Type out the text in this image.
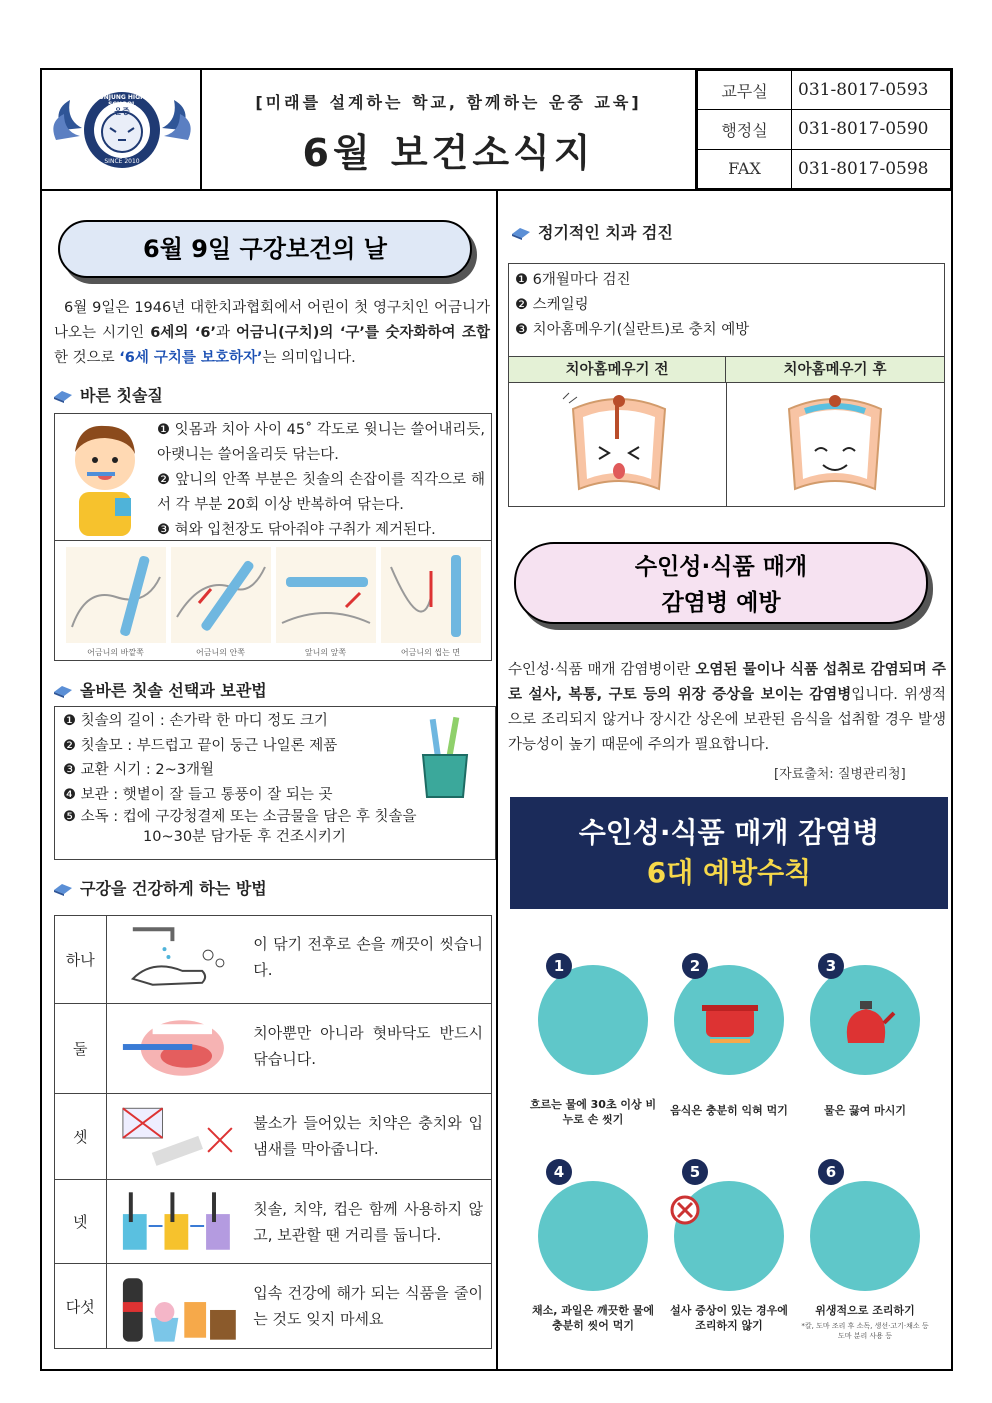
UNJUNG HIGH SCHOOL
운중
SINCE 2010
[미래를 설계하는 학교, 함께하는 운중 교육]
6월 보건소식지
교무실	031-8017-0593
행정실	031-8017-0590
FAX	031-8017-0598
6월 9일 구강보건의 날
6월 9일은 1946년 대한치과협회에서 어린이 첫 영구치인 어금니가 나오는 시기인 6세의 ‘6’과 어금니(구치)의 ‘구’를 숫자화하여 조합한 것으로 ‘6세 구치를 보호하자’는 의미입니다.
바른 칫솔질
❶ 잇몸과 치아 사이 45˚ 각도로 윗니는 쓸어내리듯, 아랫니는 쓸어올리듯 닦는다.
❷ 앞니의 안쪽 부분은 칫솔의 손잡이를 직각으로 해서 각 부분 20회 이상 반복하여 닦는다.
❸ 혀와 입천장도 닦아줘야 구취가 제거된다.
어금니의 바깥쪽	어금니의 안쪽	앞니의 앞쪽	어금니의 씹는 면
올바른 칫솔 선택과 보관법
❶ 칫솔의 길이 : 손가락 한 마디 정도 크기
❷ 칫솔모 : 부드럽고 끝이 둥근 나일론 제품
❸ 교환 시기 : 2~3개월
❹ 보관 : 햇볕이 잘 들고 통풍이 잘 되는 곳
❺ 소독 : 컵에 구강청결제 또는 소금물을 담은 후 칫솔을
10~30분 담가둔 후 건조시키기
구강을 건강하게 하는 방법
하나
이 닦기 전후로 손을 깨끗이 씻습니다.
둘
치아뿐만 아니라 혓바닥도 반드시 닦습니다.
셋
불소가 들어있는 치약은 충치와 입 냄새를 막아줍니다.
넷
칫솔, 치약, 컵은 함께 사용하지 않고, 보관할 땐 거리를 둡니다.
다섯
입속 건강에 해가 되는 식품을 줄이는 것도 잊지 마세요
정기적인 치과 검진
❶ 6개월마다 검진
❷ 스케일링
❸ 치아홈메우기(실란트)로 충치 예방
치아홈메우기 전	치아홈메우기 후
수인성·식품 매개
감염병 예방
수인성·식품 매개 감염병이란 오염된 물이나 식품 섭취로 감염되며 주로 설사, 복통, 구토 등의 위장 증상을 보이는 감염병입니다. 위생적으로 조리되지 않거나 장시간 상온에 보관된 음식을 섭취할 경우 발생 가능성이 높기 때문에 주의가 필요합니다.
[자료출처: 질병관리청]
수인성·식품 매개 감염병
6대 예방수칙
1
흐르는 물에 30초 이상 비누로 손 씻기
2
음식은 충분히 익혀 먹기
3
물은 끓여 마시기
4
채소, 과일은 깨끗한 물에 충분히 씻어 먹기
5
설사 증상이 있는 경우에 조리하지 않기
6
위생적으로 조리하기
*칼, 도마 조리 후 소독, 생선·고기·채소 등 도마 분리 사용 등
